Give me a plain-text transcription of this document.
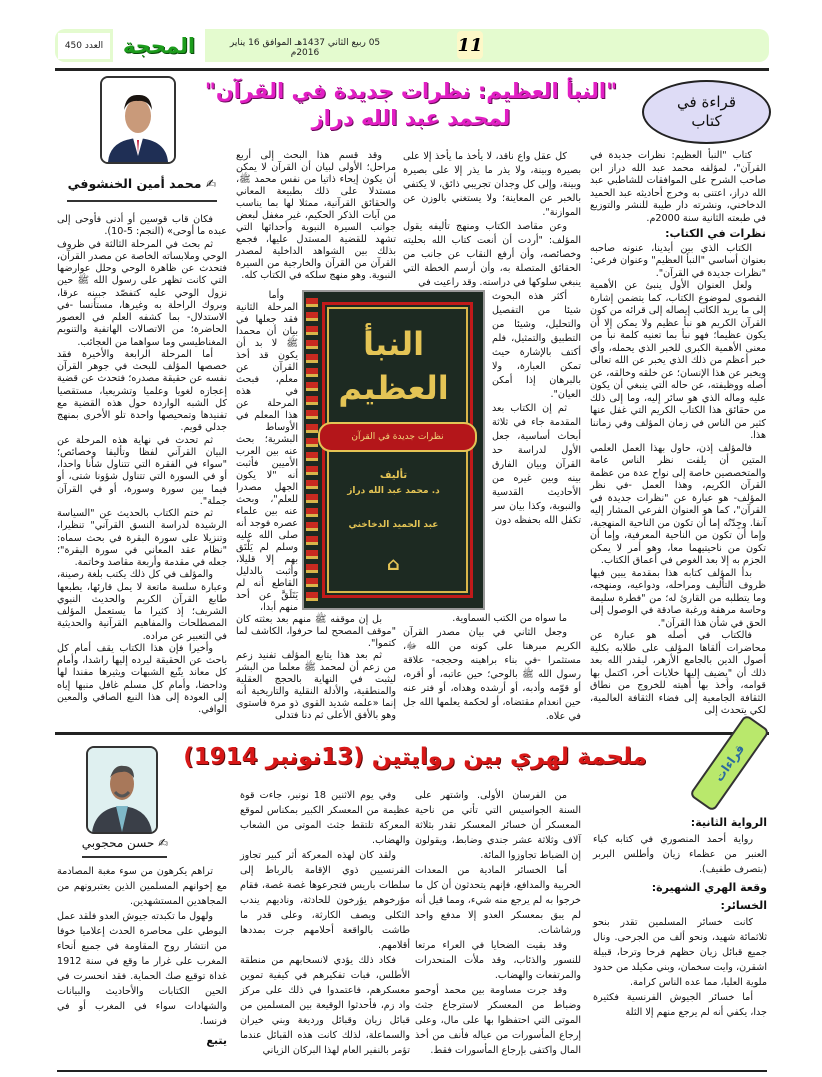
العدد 450 المحجة	05 ربيع الثاني 1437هـ الموافق 16 يناير 2016م	11
قراءة في كتاب
"النبأ العظيم: نظرات جديدة في القرآن"
لمحمد عبد الله دراز
✍ محمد أمين الخنشوفي

كتاب "النبأ العظيم: نظرات جديدة في القرآن"، لمؤلفه محمد عبد الله دراز ابن صاحب الشرح على الموافقات للشاطبي عبد الله دراز، اعتنى به وخرج أحاديثه عبد الحميد الدخاخني، ونشرته دار طيبة للنشر والتوزيع في طبعته الثانية سنة 2000م.

نظرات في الكتاب:

الكتاب الذي بين أيدينا، عنونه صاحبه بعنوان أساسي "النبأ العظيم" وعنوان فرعي: "نظرات جديدة في القرآن".

ولعل العنوان الأول ينبئ عن الأهمية القصوى لموضوع الكتاب، كما يتضمن إشارة إلى ما يريد الكاتب إيصاله إلى قرائه من كون القرآن الكريم هو نبأ عظيم ولا يمكن إلا أن يكون عظيما؛ فهو نبأ بما تعنيه كلمة نبأ من معنى الأهمية الكبرى للخبر الذي يحمله، وأي خبر أعظم من ذلك الذي يخبر عن الله تعالى ويخبر عن هذا الإنسان؛ عن خلقه وخالقه، عن أصله ووظيفته، عن حاله التي ينبغي أن يكون عليه وماله الذي هو سائر إليه، وما إلى ذلك من حقائق هذا الكتاب الكريم التي غفل عنها كثير من الناس في زمان المؤلف وفي زماننا هذا.

فالمؤلف إذن، حاول بهذا العمل العلمي المتين أن يلفت نظر الناس عامة والمتخصصين خاصة إلى نواح عدة من عظمة القرآن الكريم، وهذا العمل -في نظر المؤلف- هو عبارة عن "نظرات جديدة في القرآن"، كما هو العنوان الفرعي المشار إليه آنفا. وجِدّتُه إما أن تكون من الناحية المنهجية، وإما أن تكون من الناحية المعرفية، وإما أن تكون من ناحيتيهما معا، وهو أمر لا يمكن الجزم به إلا بعد الغوص في أعماق الكتاب.

بدأ المؤلف كتابه هذا بمقدمة يبين فيها ظروف التأليف ومراحله، ودواعيه، ومنهجه، وما يتطلبه من القارئ له؛ من "فطرة سليمة وحاسة مرهفة ورغبة صادقة في الوصول إلى الحق في شأن هذا القرآن".

فالكتاب في أصله هو عبارة عن محاضرات ألقاها المؤلف على طلابه بكلية أصول الدين بالجامع الأزهر، ليقدر الله بعد ذلك أن "يضيف إليها خلايات أخر، اكتمل بها قوامه، وأخذ بها أهبته للخروج من نطاق الثقافة الجامعية إلى فضاء الثقافة العالمية، لكي يتحدث إلى

كل عقل واع ناقد، لا يأخذ ما يأخذ إلا على بصيرة وبينة، ولا يذر ما يذر إلا على بصيرة وبينة، وإلى كل وجدان تجريبي ذائق، لا يكتفي بالخبر عن المعاينة؛ ولا يستغني بالوزن عن الموازنة".

وعن مقاصد الكتاب ومنهج تأليفه يقول المؤلف: "أردت أن أنعت كتاب الله بحليته وخصائصه، وأن أرفع النقاب عن جانب من الحقائق المتصلة به، وأن أرسم الخطة التي ينبغي سلوكها في دراسته. وقد راعيت في

أكثر هذه البحوث شيئا من التفصيل والتحليل، وشيئا من التطبيق والتمثيل، فلم أكتف بالإشارة حيث تمكن العبارة، ولا بالبرهان إذا أمكن العيان".

ثم إن الكتاب بعد المقدمة جاء في ثلاثة أبحاث أساسية، جعل الأول لدراسة حد القرآن وبيان الفارق بينه وبين غيره من الأحاديث القدسية والنبوية، وكذا بيان سر تكفل الله بحفظه دون

ما سواه من الكتب السماوية.

وجعل الثاني في بيان مصدر القرآن الكريم مبرهنا على كونه من الله ﷻ، مستثمرا -في بناء براهينه وحججه- علاقة رسول الله ﷺ بالوحي؛ حين عاتبه، أو أقره، أو قوّمه وأدبه، أو أرشده وهداه، أو فتر عنه حين انعدام مقتضاه، أو لحكمة يعلمها الله جل في علاه.

وقد قسم هذا البحث إلى أربع مراحل؛ الأولى لبيان أن القرآن لا يمكن أن يكون إيحاء ذاتيا من نفس محمد ﷺ، مستدلا على ذلك بطبيعة المعاني والحقائق القرآنية، ممثلا لها بما يناسب من آيات الذكر الحكيم، غير مغفل لبعض جوانب السيرة النبوية وأحداثها التي تشهد للقضية المستدل عليها، فجمع بذلك بين الشواهد الداخلية لمصدر القرآن من القرآن والخارجية من السيرة النبوية. وهو منهج سلكه في الكتاب كله.

وأما المرحلة الثانية فقد جعلها في بيان أن محمدا ﷺ لا بد أن يكون قد أخذ القرآن عن معلم، فبحث في هذه المرحلة عن هذا المعلم في الأوساط البشرية؛ بحث عنه بين العرب الأميين فأثبت أنه "لا يكون الجهل مصدرا للعلم"، وبحث عنه بين علماء عصره فوجد أنه صلى الله عليه وسلم لم يَلْتَق بهم إلا قليلا، وأثبت بالدليل القاطع أنه لم يَتَلَقَّ عن أحد منهم أبدا،

بل إن موقفه ﷺ منهم بعد بعثته كان "موقف المصحح لما حرفوا، الكاشف لما كتموا".

ثم بعد هذا يتابع المؤلف تفنيد زعم من زعم أن لمحمد ﷺ معلما من البشر ليثبت في النهاية بالحجج العقلية والمنطقية، والأدلة النقلية والتاريخية أنه إنما «علمه شديد القوى ذو مرة فاستوى وهو بالأفق الأعلى ثم دنا فتدلى

فكان قاب قوسين أو أدنى فأوحى إلى عبده ما أوحى» (النجم: 5-10).

ثم بحث في المرحلة الثالثة في ظروف الوحي وملابساته الخاصة عن مصدر القرآن، فتحدث عن ظاهرة الوحي وحلل عوارضها التي كانت تظهر على رسول الله ﷺ حين نزول الوحي عليه كتفصّد جبينه عرقا، وبروك الراحلة به وغيرها، مستأنسا -في الاستدلال- بما كشفه العلم في العصور الحاضرة؛ من الاتصالات الهاتفية والتنويم المغناطيسي وما سواهما من العجائب.

أما المرحلة الرابعة والأخيرة فقد خصصها المؤلف للبحث في جوهر القرآن نفسه عن حقيقة مصدره؛ فتحدث عن قضية إعجازه لغويا وعلميا وتشريعيا، مستقصيا كل الشبه الواردة حول هذه القضية مع تفنيدها وتمحيصها واحدة تلو الأخرى بمنهج جدلي قويم.

ثم تحدث في نهاية هذه المرحلة عن البيان القرآني لفظا وتأليفا وخصائص؛ "سواء في الفقرة التي تتناول شأنا واحدا، أو في السورة التي تتناول شؤونا شتى، أو فيما بين سورة وسورة، أو في القرآن جملة".

ثم ختم الكتاب بالحديث عن "السياسة الرشيدة لدراسة النسق القرآني" تنظيرا، وتنزيلا على سورة البقرة في بحث سماه: "نظام عقد المعاني في سورة البقرة"؛ جعله في مقدمة وأربعة مقاصد وخاتمة.

والمؤلف في كل ذلك يكتب بلغة رصينة، وعبارة سلسة ماتعة لا يمل قارئها، يطبعها طابع القرآن الكريم والحديث النبوي الشريف؛ إذ كثيرا ما يستعمل المؤلف المصطلحات والمفاهيم القرآنية والحديثية في التعبير عن مراده.

وأخيرا فإن هذا الكتاب يقف أمام كل باحث عن الحقيقة ليرده إليها راشدا، وأمام كل معاند يتّبع الشبهات ويثيرها مفندا لها وداحضا، وأمام كل مسلم غافل منبها إياه إلى العودة إلى هذا النبع الصافي والمعين الوافي.

النبأ العظيم
نظرات جديدة في القرآن
تأليف
د. محمد عبد الله دراز
عبد الحميد الدخاخني
⌂
ملحمة لهري بين روايتين (13نونبر 1914)	قراءات
✍ حسن محجوبي

الرواية الثانية:

رواية أحمد المنصوري في كتابه كباء العنبر من عظماء زيان وأطلس البربر (بتصرف طفيف).

وقعة الهري الشهيرة:

الخسائر:

كانت خسائر المسلمين تقدر بنحو ثلاثمائة شهيد، ونحو ألف من الجرحى. ونال جميع قبائل زيان حظهم فرحا وترحا، قبيلة اشقرن، وايت سخمان، وبني مكيلد من حدود ملوية العليا، مما عده الناس كرامة.

أما خسائر الجيوش الفرنسية فكثيرة جدا، يكفي أنه لم يرجع منهم إلا الثلة

من الفرسان الأولى. واشتهر على السنة الجواسيس التي تأتي من ناحية المعسكر أن خسائر المعسكر تقدر بثلاثة آلاف وثلاثة عشر جندي وضابط، ويقولون إن الضباط تجاوزوا المائة.

أما الخسائر المادية من المعدات الحربية والمدافع، فإنهم يتحدثون أن كل ما خرجوا به لم يرجع منه شيء، ومما قيل أنه لم يبق بمعسكر العدو إلا مدفع واحد ورشاشات.

وقد بقيت الضحايا في العراء مرتعا للنسور والذئاب، وقد ملأت المنحدرات والمرتفعات والهضاب.

وقد جرت مساومة بين محمد أوحمو وضباط من المعسكر لاسترجاع جثث الموتى التي احتفظوا بها على مال، وعلى إرجاع المأسورات من عياله فأنف من أخذ المال واكتفى بإرجاع المأسورات فقط.

وفي يوم الاثنين 18 نونبر، جاءت قوة عظيمة من المعسكر الكبير بمكناس لموقع المعركة تلتقط جثث الموتى من الشعاب والهضاب.

ولقد كان لهذه المعركة أثر كبير تجاوز الفرنسيين ذوي الإقامة بالرباط إلى سلطات باريس فتجرعوها غصة غصة، فقام مؤرخوهم يؤرخون للحادثة، وناديهم يندب الثكلى ويصف الكارثة، وعلى قدر ما طاشت بالواقعة أحلامهم جرت بمددها أقلامهم.

فكاد ذلك يؤدي لانسحابهم من منطقة الأطلس، فبات تفكيرهم في كيفية تموين معسكرهم، فاعتمدوا في ذلك على مركز واد زم، فأحدثوا الوقيعة بين المسلمين من قبائل زيان وقبائل ورديغة وبني خيران والسماعلة، لذلك كانت هذه القبائل عندما تؤمر بالنفير العام لهذا البركان الزياني

تراهم يكرهون من سوء مغبة المصادمة مع إخوانهم المسلمين الذين يعتبرونهم من المجاهدين المستشهدين.

ولهول ما تكبدته جيوش العدو فلقد عمل البوطي على محاصرة الحدث إعلاميا خوفا من انتشار روح المقاومة في جميع أنحاء المغرب على غرار ما وقع في سنة 1912 غداة توقيع صك الحماية. فقد انحسرت في الحين الكتابات والأحاديث والبيانات والشهادات سواء في المغرب أو في فرنسا.

يتبع
